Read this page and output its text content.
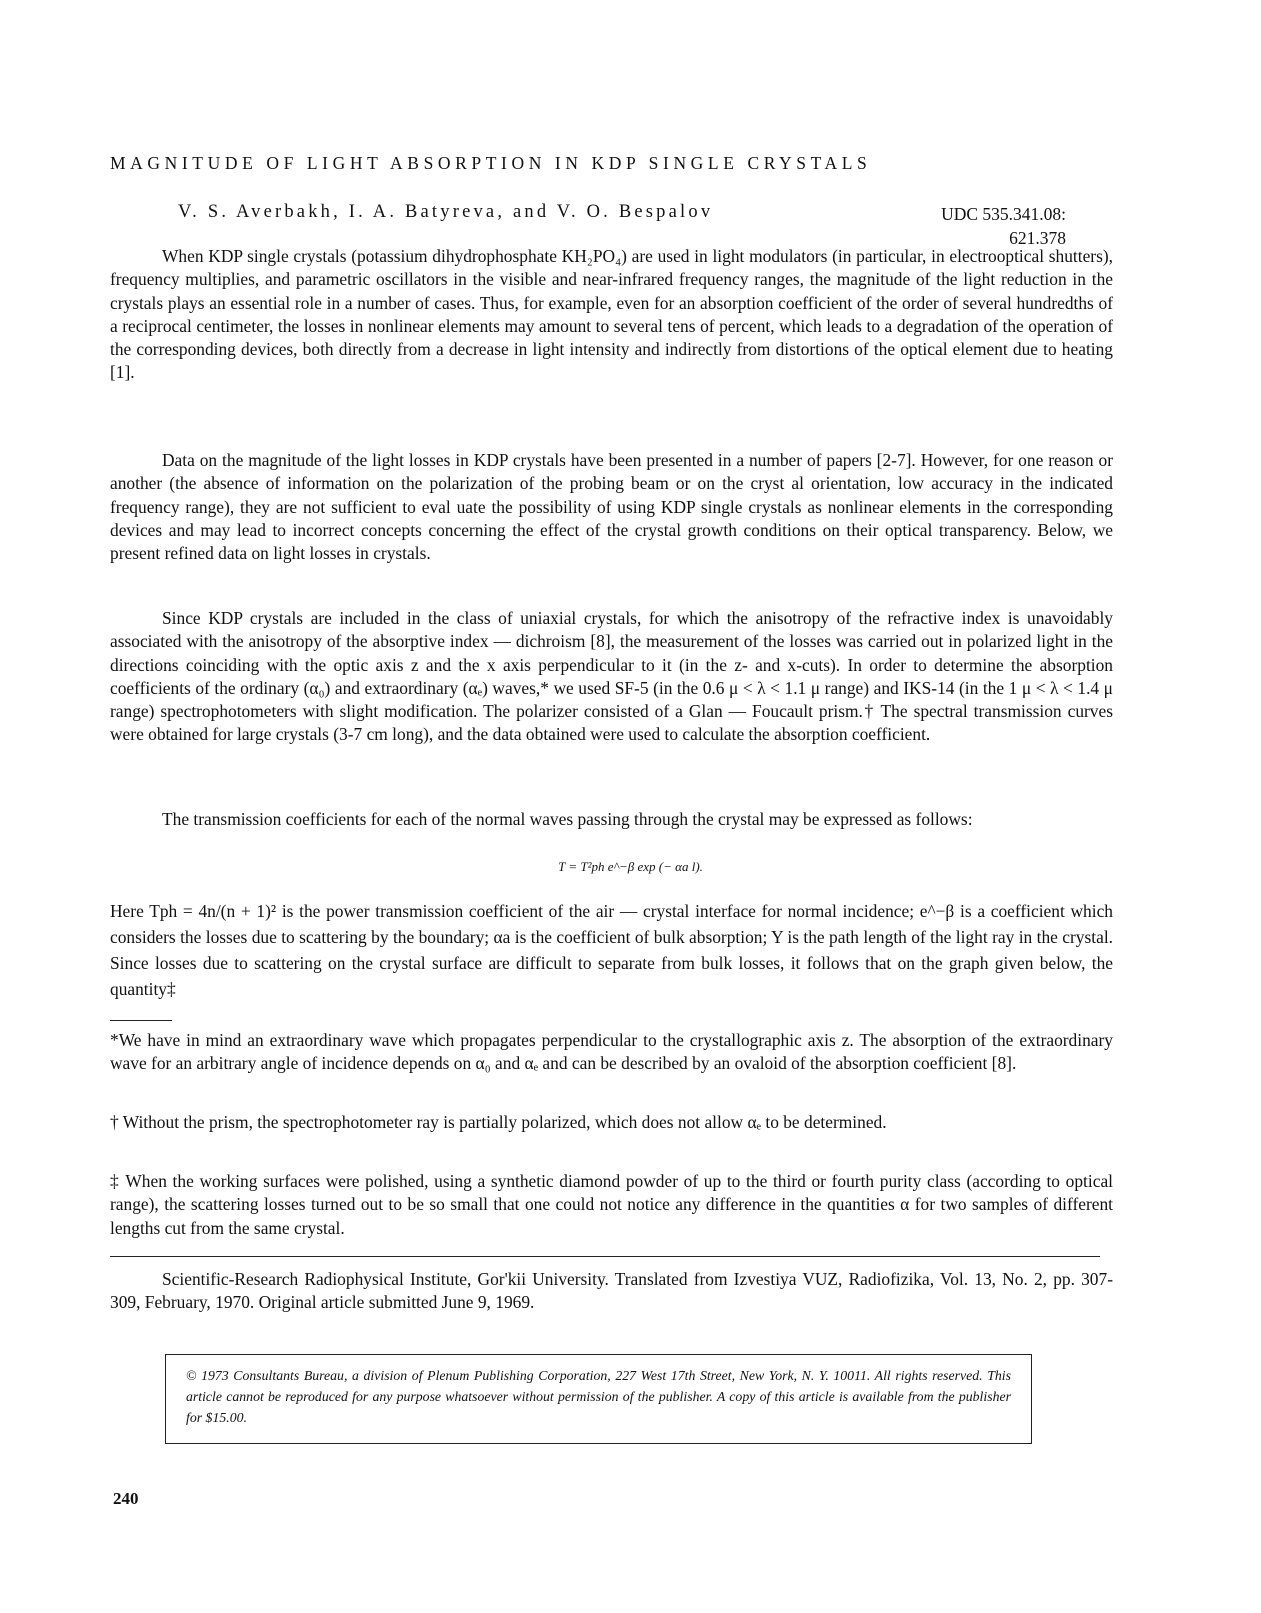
MAGNITUDE OF LIGHT ABSORPTION IN KDP SINGLE CRYSTALS
V. S. Averbakh, I. A. Batyreva, and V. O. Bespalov	UDC 535.341.08:
621.378

When KDP single crystals (potassium dihydrophosphate KH₂PO₄) are used in light modulators (in particular, in electrooptical shutters), frequency multiplies, and parametric oscillators in the visible and near-infrared frequency ranges, the magnitude of the light reduction in the crystals plays an essential role in a number of cases. Thus, for example, even for an absorption coefficient of the order of several hundredths of a reciprocal centimeter, the losses in nonlinear elements may amount to several tens of percent, which leads to a degradation of the operation of the corresponding devices, both directly from a decrease in light intensity and indirectly from distortions of the optical element due to heating [1].

Data on the magnitude of the light losses in KDP crystals have been presented in a number of papers [2-7]. However, for one reason or another (the absence of information on the polarization of the probing beam or on the cryst al orientation, low accuracy in the indicated frequency range), they are not sufficient to eval uate the possibility of using KDP single crystals as nonlinear elements in the corresponding devices and may lead to incorrect concepts concerning the effect of the crystal growth conditions on their optical transparency. Below, we present refined data on light losses in crystals.

Since KDP crystals are included in the class of uniaxial crystals, for which the anisotropy of the refractive index is unavoidably associated with the anisotropy of the absorptive index — dichroism [8], the measurement of the losses was carried out in polarized light in the directions coinciding with the optic axis z and the x axis perpendicular to it (in the z- and x-cuts). In order to determine the absorption coefficients of the ordinary (α₀) and extraordinary (αₑ) waves,* we used SF-5 (in the 0.6 μ < λ < 1.1 μ range) and IKS-14 (in the 1 μ < λ < 1.4 μ range) spectrophotometers with slight modification. The polarizer consisted of a Glan — Foucault prism.† The spectral transmission curves were obtained for large crystals (3-7 cm long), and the data obtained were used to calculate the absorption coefficient.

The transmission coefficients for each of the normal waves passing through the crystal may be expressed as follows:

T = T²ph e^−β exp (− αa l).

Here Tph = 4n/(n + 1)² is the power transmission coefficient of the air — crystal interface for normal incidence; e^−β is a coefficient which considers the losses due to scattering by the boundary; αa is the coefficient of bulk absorption; Y is the path length of the light ray in the crystal. Since losses due to scattering on the crystal surface are difficult to separate from bulk losses, it follows that on the graph given below, the quantity‡

*We have in mind an extraordinary wave which propagates perpendicular to the crystallographic axis z. The absorption of the extraordinary wave for an arbitrary angle of incidence depends on α₀ and αₑ and can be described by an ovaloid of the absorption coefficient [8].

† Without the prism, the spectrophotometer ray is partially polarized, which does not allow αₑ to be determined.

‡ When the working surfaces were polished, using a synthetic diamond powder of up to the third or fourth purity class (according to optical range), the scattering losses turned out to be so small that one could not notice any difference in the quantities α for two samples of different lengths cut from the same crystal.

Scientific-Research Radiophysical Institute, Gor'kii University. Translated from Izvestiya VUZ, Radiofizika, Vol. 13, No. 2, pp. 307-309, February, 1970. Original article submitted June 9, 1969.

© 1973 Consultants Bureau, a division of Plenum Publishing Corporation, 227 West 17th Street, New York, N. Y. 10011. All rights reserved. This article cannot be reproduced for any purpose whatsoever without permission of the publisher. A copy of this article is available from the publisher for $15.00.

240
